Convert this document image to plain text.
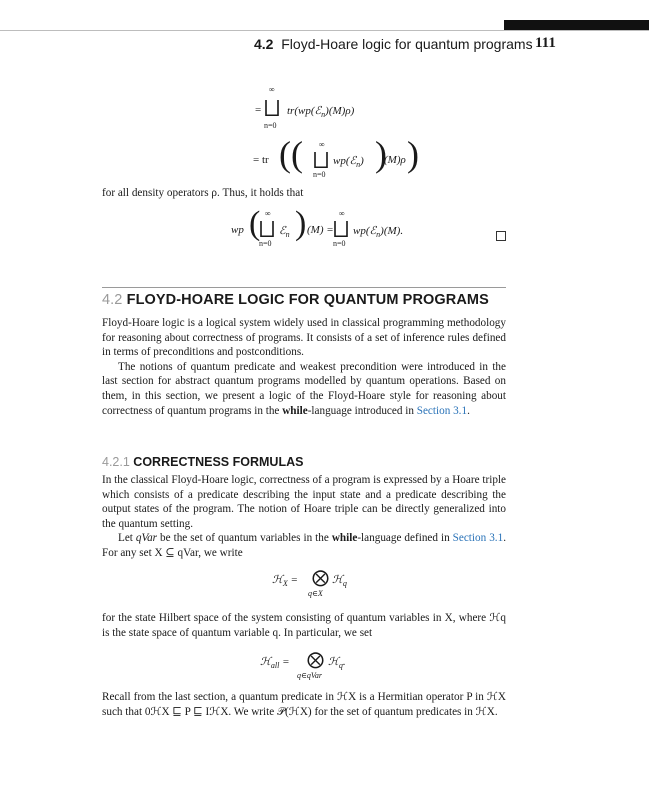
4.2 Floyd-Hoare logic for quantum programs 111
=
∞
⨆
n=0
tr(wp(ℰ$_n$)(M)ρ)
= tr (( ∞
⨆
n=0
wp(ℰ$_n$) )
(M)ρ )
for all density operators ρ. Thus, it holds that
wp ( ∞
⨆
n=0
ℰ$_n$ ) (M) =
∞
⨆
n=0
wp(ℰ$_n$)(M).
4.2 FLOYD-HOARE LOGIC FOR QUANTUM PROGRAMS

Floyd-Hoare logic is a logical system widely used in classical programming methodology for reasoning about correctness of programs. It consists of a set of inference rules defined in terms of preconditions and postconditions.

The notions of quantum predicate and weakest precondition were introduced in the last section for abstract quantum programs modelled by quantum operations. Based on them, in this section, we present a logic of the Floyd-Hoare style for reasoning about correctness of quantum programs in the while-language introduced in Section 3.1.

4.2.1 CORRECTNESS FORMULAS

In the classical Floyd-Hoare logic, correctness of a program is expressed by a Hoare triple which consists of a predicate describing the input state and a predicate describing the output states of the program. The notion of Hoare triple can be directly generalized into the quantum setting.

Let qVar be the set of quantum variables in the while-language defined in Section 3.1. For any set X ⊆ qVar, we write

ℋ$_X$ = ⨂
q∈X
ℋ$_q$
for the state Hilbert space of the system consisting of quantum variables in X, where ℋq is the state space of quantum variable q. In particular, we set
ℋ$_{all}$ = ⨂
q∈qVar
ℋ$_q$.
Recall from the last section, a quantum predicate in ℋX is a Hermitian operator P in ℋX such that 0ℋX ⊑ P ⊑ IℋX. We write 𝒫(ℋX) for the set of quantum predicates in ℋX.
